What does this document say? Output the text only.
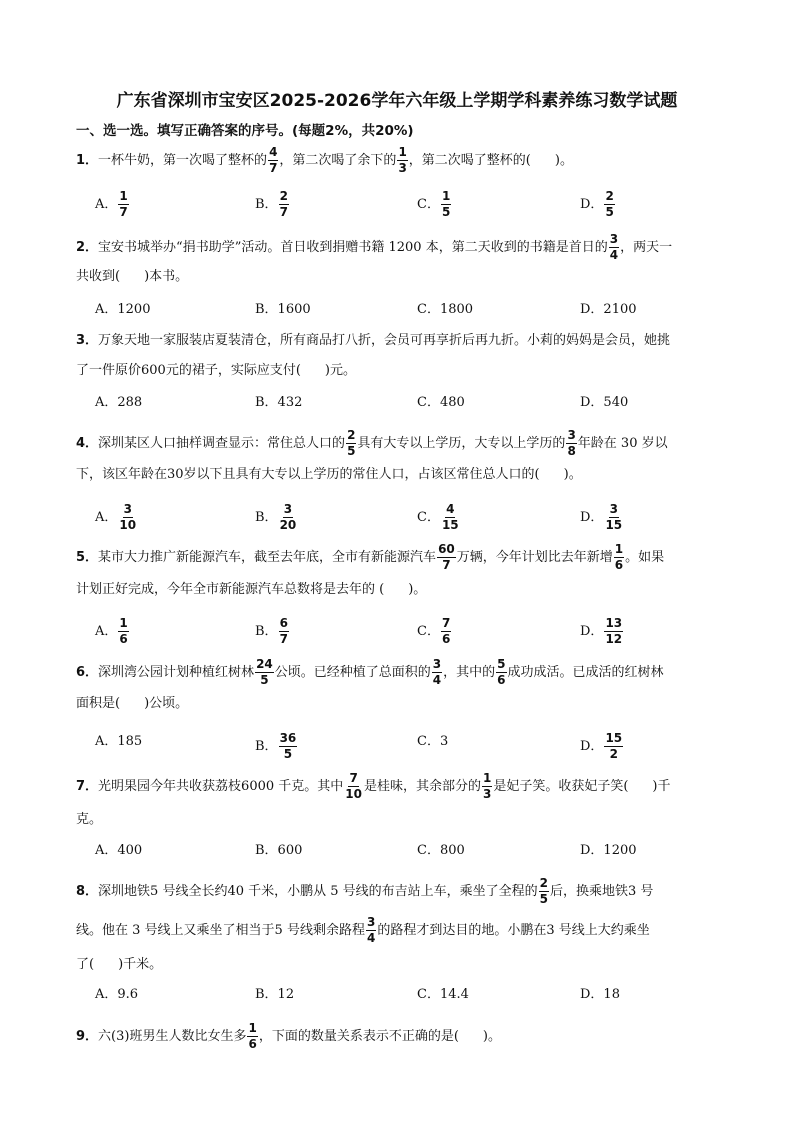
广东省深圳市宝安区2025-2026学年六年级上学期学科素养练习数学试题
一、选一选。填写正确答案的序号。(每题2%，共20%)
1．一杯牛奶，第一次喝了整杯的 $\frac{4}{7}$ ，第二次喝了余下的 $\frac{1}{3}$ ，第二次喝了整杯的( )。
A． $\frac{1}{7}$	B． $\frac{2}{7}$	C． $\frac{1}{5}$	D． $\frac{2}{5}$
2．宝安书城举办“捐书助学”活动。首日收到捐赠书籍 1200 本，第二天收到的书籍是首日的 $\frac{3}{4}$ ，两天一
共收到( )本书。
A．1200	B．1600	C．1800	D．2100
3．万象天地一家服装店夏装清仓，所有商品打八折，会员可再享折后再九折。小莉的妈妈是会员，她挑
了一件原价600元的裙子，实际应支付( )元。
A．288	B．432	C．480	D．540
4．深圳某区人口抽样调查显示：常住总人口的 $\frac{2}{5}$ 具有大专以上学历，大专以上学历的 $\frac{3}{8}$ 年龄在 30 岁以
下，该区年龄在30岁以下且具有大专以上学历的常住人口，占该区常住总人口的( )。
A． $\frac{3}{10}$	B． $\frac{3}{20}$	C． $\frac{4}{15}$	D． $\frac{3}{15}$
5．某市大力推广新能源汽车，截至去年底，全市有新能源汽车 $\frac{60}{7}$ 万辆，今年计划比去年新增 $\frac{1}{6}$ 。如果
计划正好完成，今年全市新能源汽车总数将是去年的 ( )。
A． $\frac{1}{6}$	B． $\frac{6}{7}$	C． $\frac{7}{6}$	D． $\frac{13}{12}$
6．深圳湾公园计划种植红树林 $\frac{24}{5}$ 公顷。已经种植了总面积的 $\frac{3}{4}$ ，其中的 $\frac{5}{6}$ 成功成活。已成活的红树林
面积是( )公顷。
A．185	B． $\frac{36}{5}$	C．3	D． $\frac{15}{2}$
7．光明果园今年共收获荔枝6000 千克。其中 $\frac{7}{10}$ 是桂味，其余部分的 $\frac{1}{3}$ 是妃子笑。收获妃子笑( )千
克。
A．400	B．600	C．800	D．1200
8．深圳地铁5 号线全长约40 千米，小鹏从 5 号线的布吉站上车，乘坐了全程的 $\frac{2}{5}$ 后，换乘地铁3 号
线。他在 3 号线上又乘坐了相当于5 号线剩余路程 $\frac{3}{4}$ 的路程才到达目的地。小鹏在3 号线上大约乘坐
了( )千米。
A．9.6	B．12	C．14.4	D．18
9．六(3)班男生人数比女生多 $\frac{1}{6}$ ，下面的数量关系表示不正确的是( )。
